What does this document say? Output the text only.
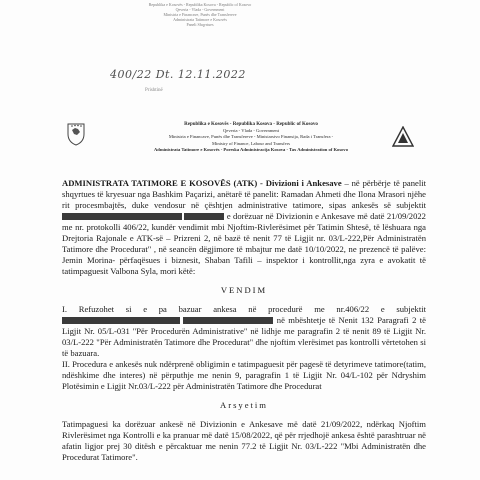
Republika e Kosovës - Republika Kosova - Republic of Kosovo
Qeveria - Vlada - Government
Ministria e Financave, Punës dhe Transfereve
Administrata Tatimore e Kosovës
Paneli Shqyrtues
400/22 Dt. 12.11.2022
Prishtinë
Republika e Kosovës - Republika Kosova - Republic of Kosovo
Qeveria - Vlada - Government
Ministria e Financave, Punës dhe Transfereve - Ministarstvo Finansija, Rada i Transfera -
Ministry of Finance, Labour and Transfers
Administrata Tatimore e Kosovës - Poreska Administracija Kosova - Tax Administration of Kosovo

ADMINISTRATA TATIMORE E KOSOVËS (ATK) - Divizioni i Ankesave – në përbërje të panelit shqyrtues të kryesuar nga Bashkim Paçarizi, anëtarë të panelit: Ramadan Ahmeti dhe Ilona Mrasori njëhe rit procesmbajtës, duke vendosur në çështjen administrative tatimore, sipas ankesës së subjektit   e dorëzuar në Divizionin e Ankesave më datë 21/09/2022 me nr. protokolli 406/22, kundër vendimit mbi Njoftim-Rivlerësimet për Tatimin Shtesë, të lëshuara nga Drejtoria Rajonale e ATK-së – Prizreni 2, në bazë të nenit 77 të Ligjit nr. 03/L-222,Për Administratën Tatimore dhe Procedurat" , në seancën dëgjimore të mbajtur me datë 10/10/2022, ne prezencë të palëve: Jemin Morina- përfaqësues i biznesit, Shaban Tafili – inspektor i kontrollit,nga zyra e avokatit të tatimpaguesit Valbona Syla, mori këtë:

VENDIM

I. Refuzohet si e pa bazuar ankesa në procedurë me nr.406/22 e subjektit   në mbështetje të Nenit 132 Paragrafi 2 të Ligjit Nr. 05/L-031 "Për Procedurën Administrative" në lidhje me paragrafin 2 të nenit 89 të Ligjit Nr. 03/L-222 "Për Administratën Tatimore dhe Procedurat" dhe njoftim vlerësimet pas kontrolli vërtetohen si të bazuara.

II. Procedura e ankesës nuk ndërprenë obligimin e tatimpaguesit për pagesë të detyrimeve tatimore(tatim, ndëshkime dhe interes) në përputhje me nenin 9, paragrafin 1 të Ligjit Nr. 04/L-102 për Ndryshim Plotësimin e Ligjit Nr.03/L-222 për Administratën Tatimore dhe Procedurat

Arsyetim

Tatimpaguesi ka dorëzuar ankesë në Divizionin e Ankesave më datë 21/09/2022, ndërkaq Njoftim Rivlerësimet nga Kontrolli e ka pranuar më datë 15/08/2022, që për rrjedhojë ankesa është parashtruar në afatin ligjor prej 30 ditësh e përcaktuar me nenin 77.2 të Ligjit Nr. 03/L-222 "Mbi Administratën dhe Procedurat Tatimore".
